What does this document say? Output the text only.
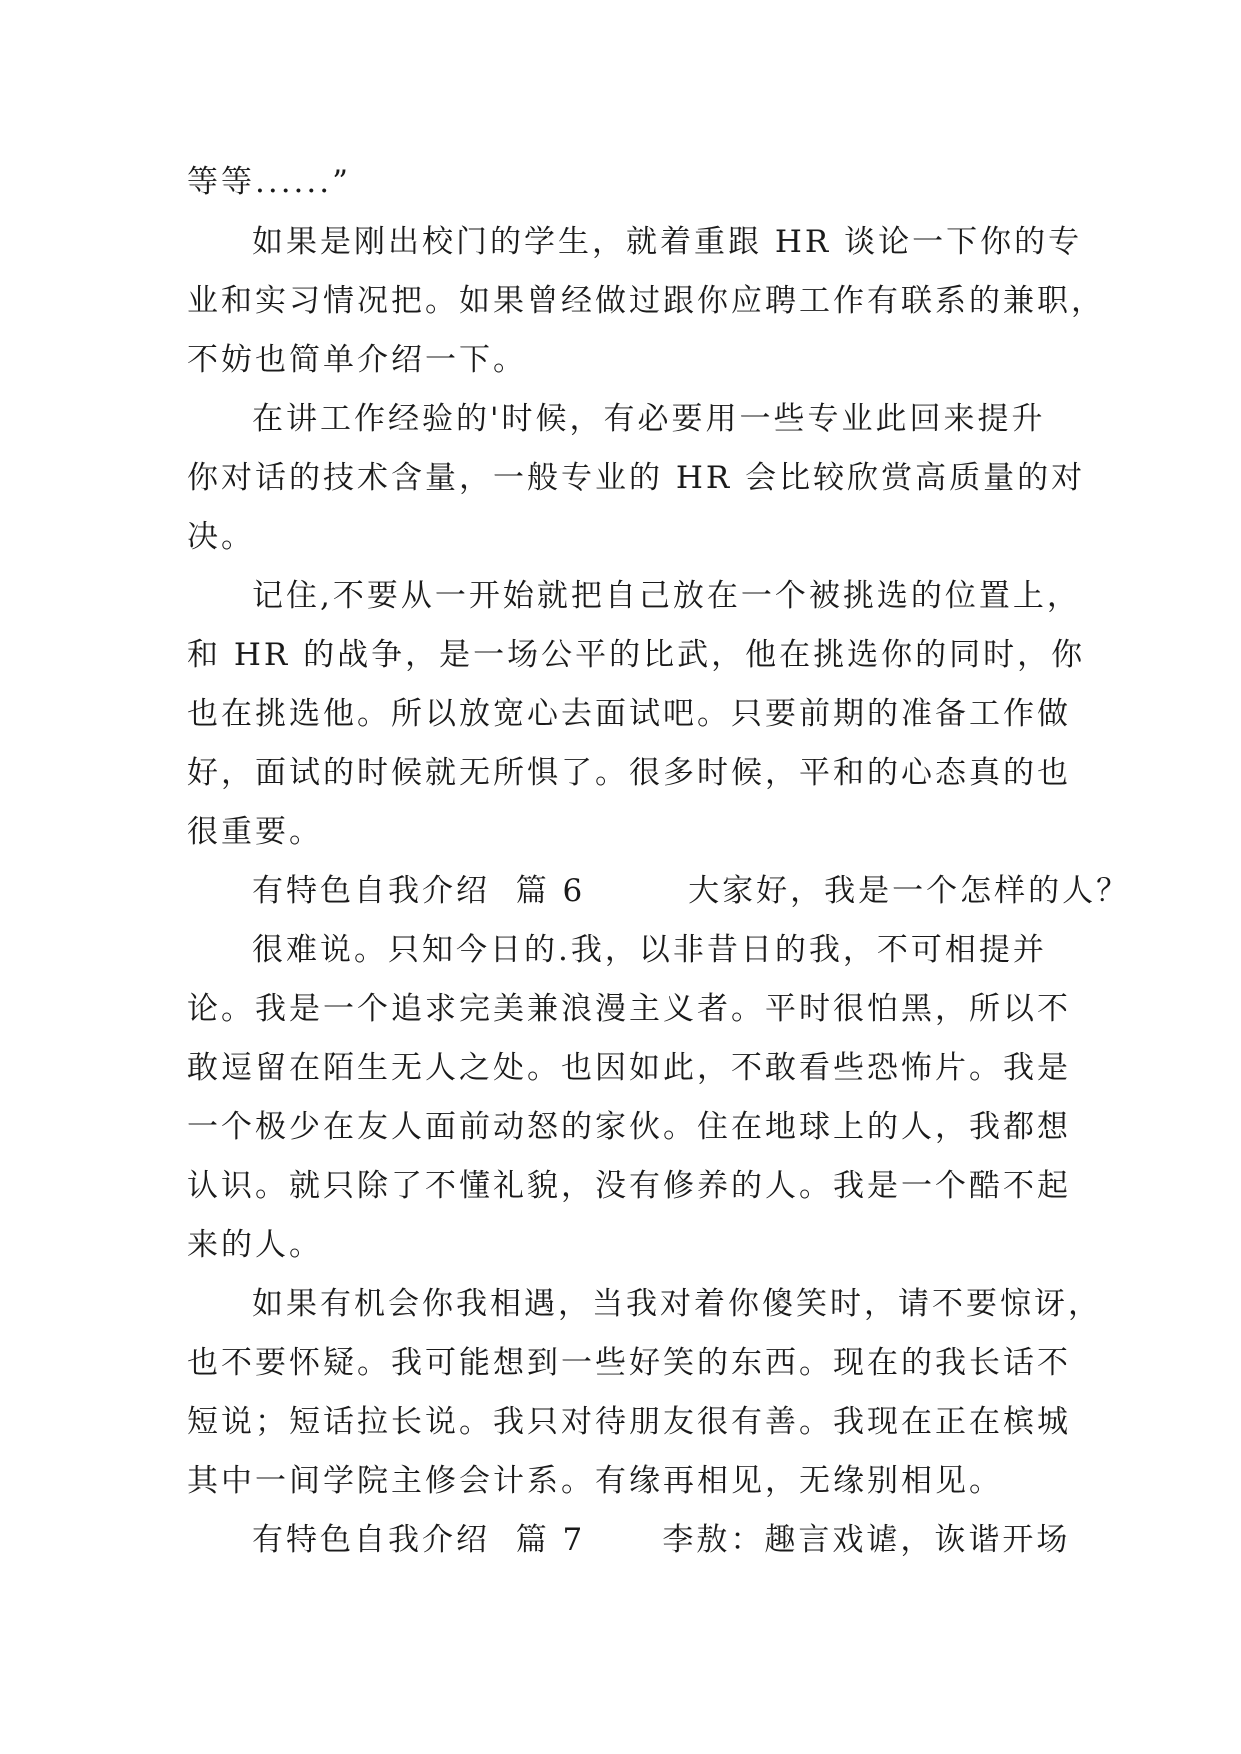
等等......”
如果是刚出校门的学生，就着重跟 HR 谈论一下你的专
业和实习情况把。如果曾经做过跟你应聘工作有联系的兼职，
不妨也简单介绍一下。
在讲工作经验的'时候，有必要用一些专业此回来提升
你对话的技术含量，一般专业的 HR 会比较欣赏高质量的对
决。
记住,不要从一开始就把自己放在一个被挑选的位置上，
和 HR 的战争，是一场公平的比武，他在挑选你的同时，你
也在挑选他。所以放宽心去面试吧。只要前期的准备工作做
好，面试的时候就无所惧了。很多时候，平和的心态真的也
很重要。
有特色自我介绍  篇 6        大家好，我是一个怎样的人？
很难说。只知今日的.我，以非昔日的我，不可相提并
论。我是一个追求完美兼浪漫主义者。平时很怕黑，所以不
敢逗留在陌生无人之处。也因如此，不敢看些恐怖片。我是
一个极少在友人面前动怒的家伙。住在地球上的人，我都想
认识。就只除了不懂礼貌，没有修养的人。我是一个酷不起
来的人。
如果有机会你我相遇，当我对着你傻笑时，请不要惊讶，
也不要怀疑。我可能想到一些好笑的东西。现在的我长话不
短说；短话拉长说。我只对待朋友很有善。我现在正在槟城
其中一间学院主修会计系。有缘再相见，无缘别相见。
有特色自我介绍  篇 7      李敖：趣言戏谑，诙谐开场
